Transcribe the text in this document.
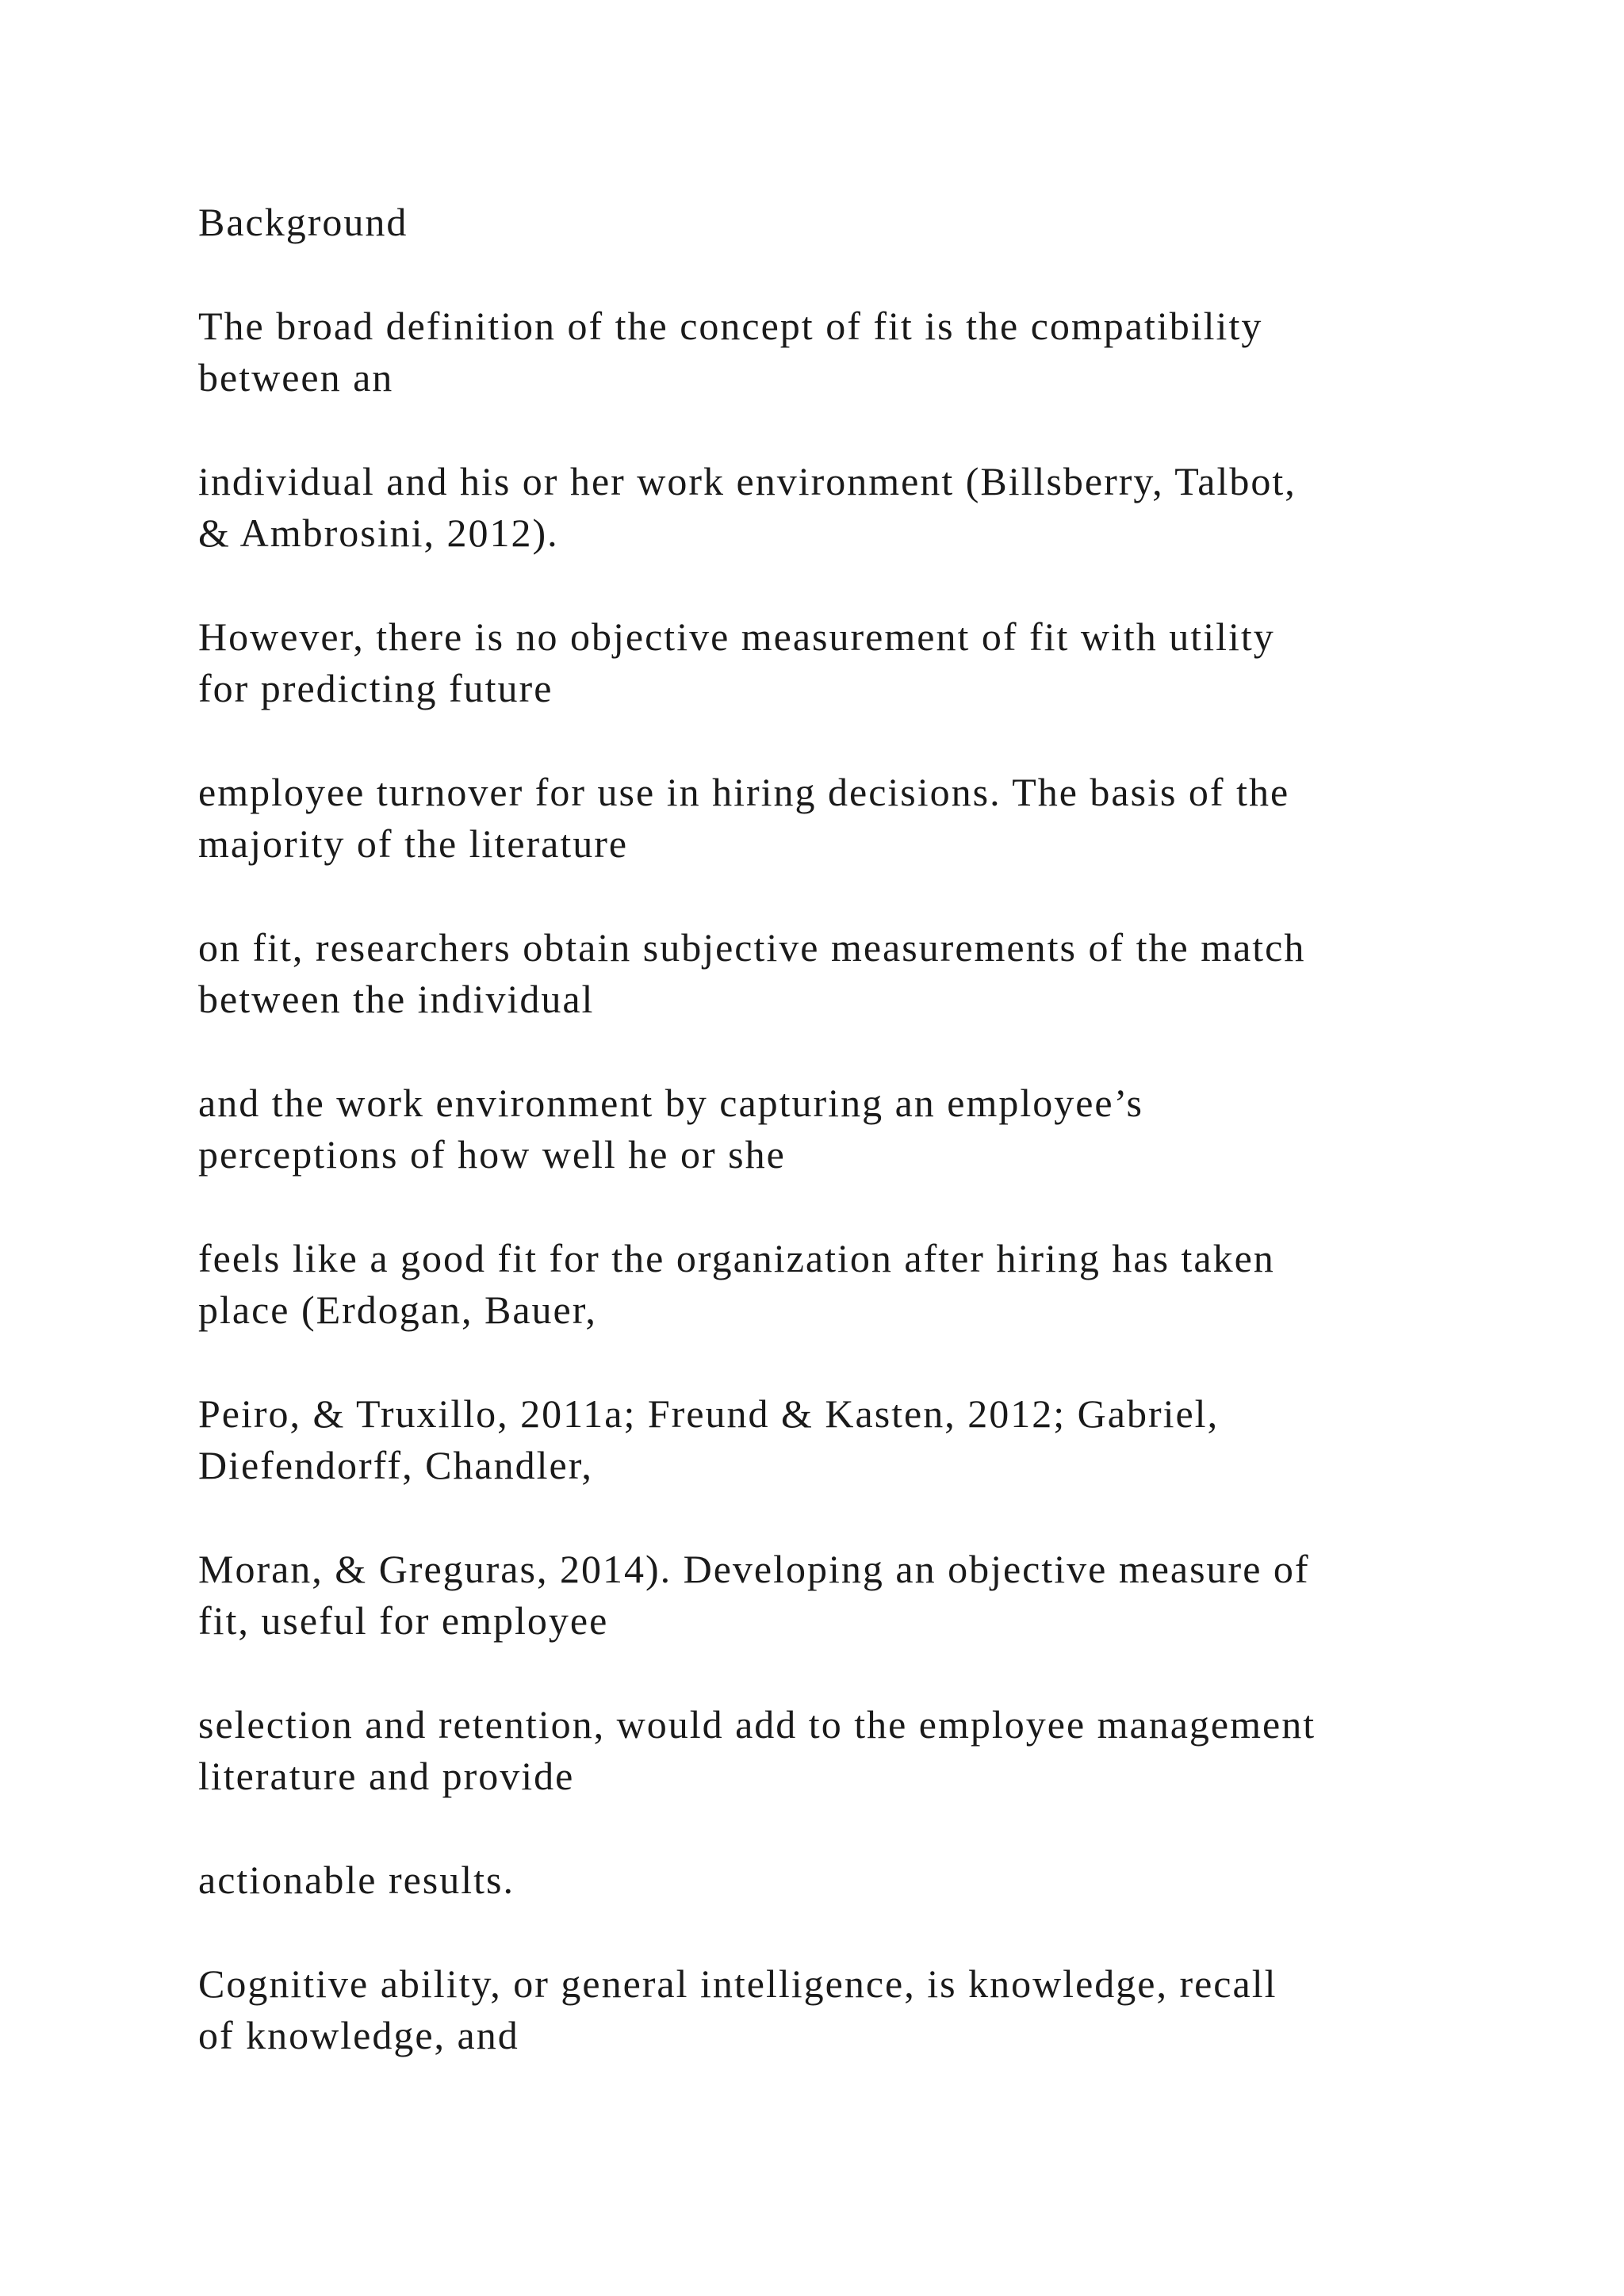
Background

The broad definition of the concept of fit is the compatibility
between an

individual and his or her work environment (Billsberry, Talbot,
& Ambrosini, 2012).

However, there is no objective measurement of fit with utility
for predicting future

employee turnover for use in hiring decisions. The basis of the
majority of the literature

on fit, researchers obtain subjective measurements of the match
between the individual

and the work environment by capturing an employee’s
perceptions of how well he or she

feels like a good fit for the organization after hiring has taken
place (Erdogan, Bauer,

Peiro, & Truxillo, 2011a; Freund & Kasten, 2012; Gabriel,
Diefendorff, Chandler,

Moran, & Greguras, 2014). Developing an objective measure of
fit, useful for employee

selection and retention, would add to the employee management
literature and provide

actionable results.

Cognitive ability, or general intelligence, is knowledge, recall
of knowledge, and
